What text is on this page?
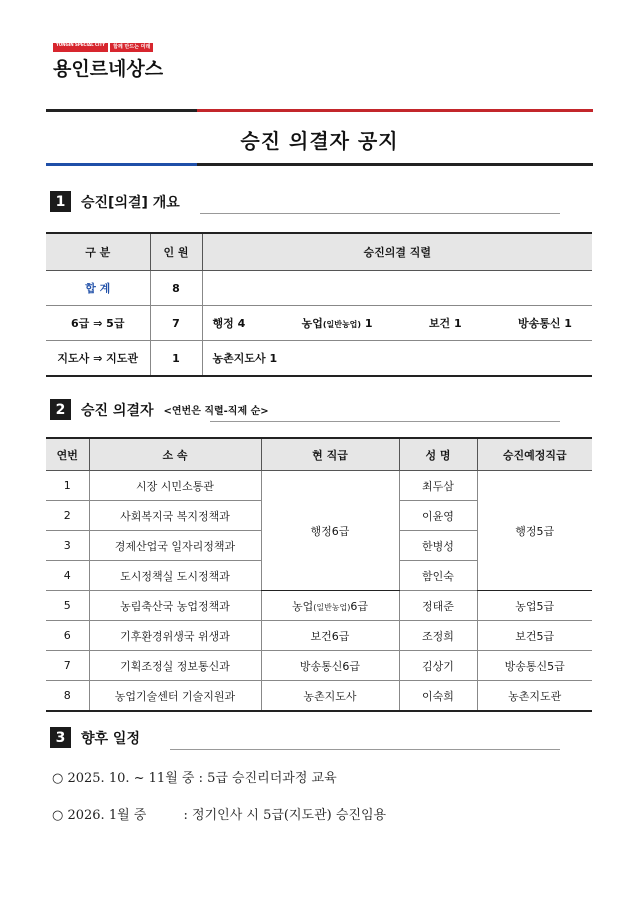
YONGIN SPECIAL CITY	함께 만드는 미래
용인르네상스
승진 의결자 공지
1	승진[의결] 개요
구 분	인 원	승진의결 직렬
합 계	8	
6급 ⇒ 5급	7	행정 4 농업(일반농업) 1 보건 1 방송통신 1

지도사 ⇒ 지도관	1	농촌지도사 1
2	승진 의결자 <연번은 직렬-직제 순>
연번	소 속	현 직급	성 명	승진예정직급
1	시장 시민소통관	행정6급	최두삼	행정5급
2	사회복지국 복지정책과		이윤영	
3	경제산업국 일자리정책과		한병성	
4	도시정책실 도시정책과		함인숙	
5	농림축산국 농업정책과	농업(일반농업)6급	정태준	농업5급
6	기후환경위생국 위생과	보건6급	조정희	보건5급
7	기획조정실 정보통신과	방송통신6급	김상기	방송통신5급
8	농업기술센터 기술지원과	농촌지도사	이숙희	농촌지도관
3	향후 일정
○ 2025. 10. ~ 11월 중 : 5급 승진리더과정 교육
○ 2026. 1월 중         : 정기인사 시 5급(지도관) 승진임용
